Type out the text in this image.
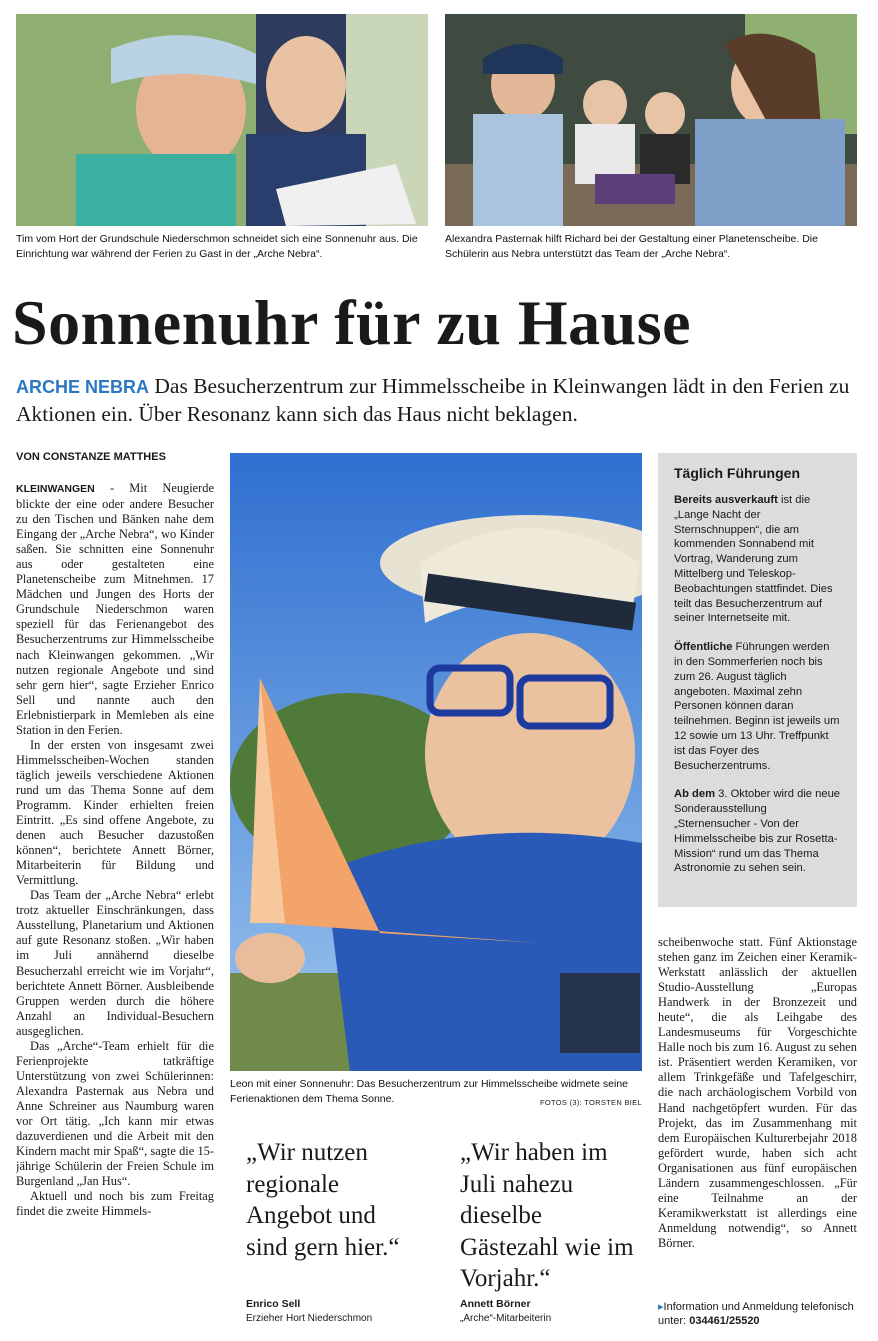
Tim vom Hort der Grundschule Niederschmon schneidet sich eine Sonnenuhr aus. Die Einrichtung war während der Ferien zu Gast in der „Arche Nebra“.
Alexandra Pasternak hilft Richard bei der Gestaltung einer Planetenscheibe. Die Schülerin aus Nebra unterstützt das Team der „Arche Nebra“.
Sonnenuhr für zu Hause
ARCHE NEBRA Das Besucherzentrum zur Himmelsscheibe in Kleinwangen lädt in den Ferien zu Aktionen ein. Über Resonanz kann sich das Haus nicht beklagen.
VON CONSTANZE MATTHES

KLEINWANGEN - Mit Neugierde blickte der eine oder andere Besucher zu den Tischen und Bänken nahe dem Eingang der „Arche Nebra“, wo Kinder saßen. Sie schnitten eine Sonnenuhr aus oder gestalteten eine Planetenscheibe zum Mitnehmen. 17 Mädchen und Jungen des Horts der Grundschule Niederschmon waren speziell für das Ferienangebot des Besucherzentrums zur Himmelsscheibe nach Kleinwangen gekommen. „Wir nutzen regionale Angebote und sind sehr gern hier“, sagte Erzieher Enrico Sell und nannte auch den Erlebnistierpark in Memleben als eine Station in den Ferien.

In der ersten von insgesamt zwei Himmelsscheiben-Wochen standen täglich jeweils verschiedene Aktionen rund um das Thema Sonne auf dem Programm. Kinder erhielten freien Eintritt. „Es sind offene Angebote, zu denen auch Besucher dazustoßen können“, berichtete Annett Börner, Mitarbeiterin für Bildung und Vermittlung.

Das Team der „Arche Nebra“ erlebt trotz aktueller Einschränkungen, dass Ausstellung, Planetarium und Aktionen auf gute Resonanz stoßen. „Wir haben im Juli annähernd dieselbe Besucherzahl erreicht wie im Vorjahr“, berichtete Annett Börner. Ausbleibende Gruppen werden durch die höhere Anzahl an Individual-Besuchern ausgeglichen.

Das „Arche“-Team erhielt für die Ferienprojekte tatkräftige Unterstützung von zwei Schülerinnen: Alexandra Pasternak aus Nebra und Anne Schreiner aus Naumburg waren vor Ort tätig. „Ich kann mir etwas dazuverdienen und die Arbeit mit den Kindern macht mir Spaß“, sagte die 15-jährige Schülerin der Freien Schule im Burgenland „Jan Hus“.

Aktuell und noch bis zum Freitag findet die zweite Himmels-

Leon mit einer Sonnenuhr: Das Besucherzentrum zur Himmelsscheibe widmete seine Ferienaktionen dem Thema Sonne.	FOTOS (3): TORSTEN BIEL
Täglich Führungen

Bereits ausverkauft ist die „Lange Nacht der Sternschnuppen“, die am kommenden Sonnabend mit Vortrag, Wanderung zum Mittelberg und Teleskop-Beobachtungen stattfindet. Dies teilt das Besucherzentrum auf seiner Internetseite mit.

Öffentliche Führungen werden in den Sommerferien noch bis zum 26. August täglich angeboten. Maximal zehn Personen können daran teilnehmen. Beginn ist jeweils um 12 sowie um 13 Uhr. Treffpunkt ist das Foyer des Besucherzentrums.

Ab dem 3. Oktober wird die neue Sonderausstellung „Sternensucher - Von der Himmelsscheibe bis zur Rosetta-Mission“ rund um das Thema Astronomie zu sehen sein.

„Wir nutzen regionale Angebot und sind gern hier.“
Enrico Sell
Erzieher Hort Niederschmon
„Wir haben im Juli nahezu dieselbe Gästezahl wie im Vorjahr.“
Annett Börner
„Arche“-Mitarbeiterin

scheibenwoche statt. Fünf Aktionstage stehen ganz im Zeichen einer Keramik-Werkstatt anlässlich der aktuellen Studio-Ausstellung „Europas Handwerk in der Bronzezeit und heute“, die als Leihgabe des Landesmuseums für Vorgeschichte Halle noch bis zum 16. August zu sehen ist. Präsentiert werden Keramiken, vor allem Trinkgefäße und Tafelgeschirr, die nach archäologischem Vorbild von Hand nachgetöpfert wurden. Für das Projekt, das im Zusammenhang mit dem Europäischen Kulturerbejahr 2018 gefördert wurde, haben sich acht Organisationen aus fünf europäischen Ländern zusammengeschlossen. „Für eine Teilnahme an der Keramikwerkstatt ist allerdings eine Anmeldung notwendig“, so Annett Börner.

▸Information und Anmeldung telefonisch unter: 034461/25520
